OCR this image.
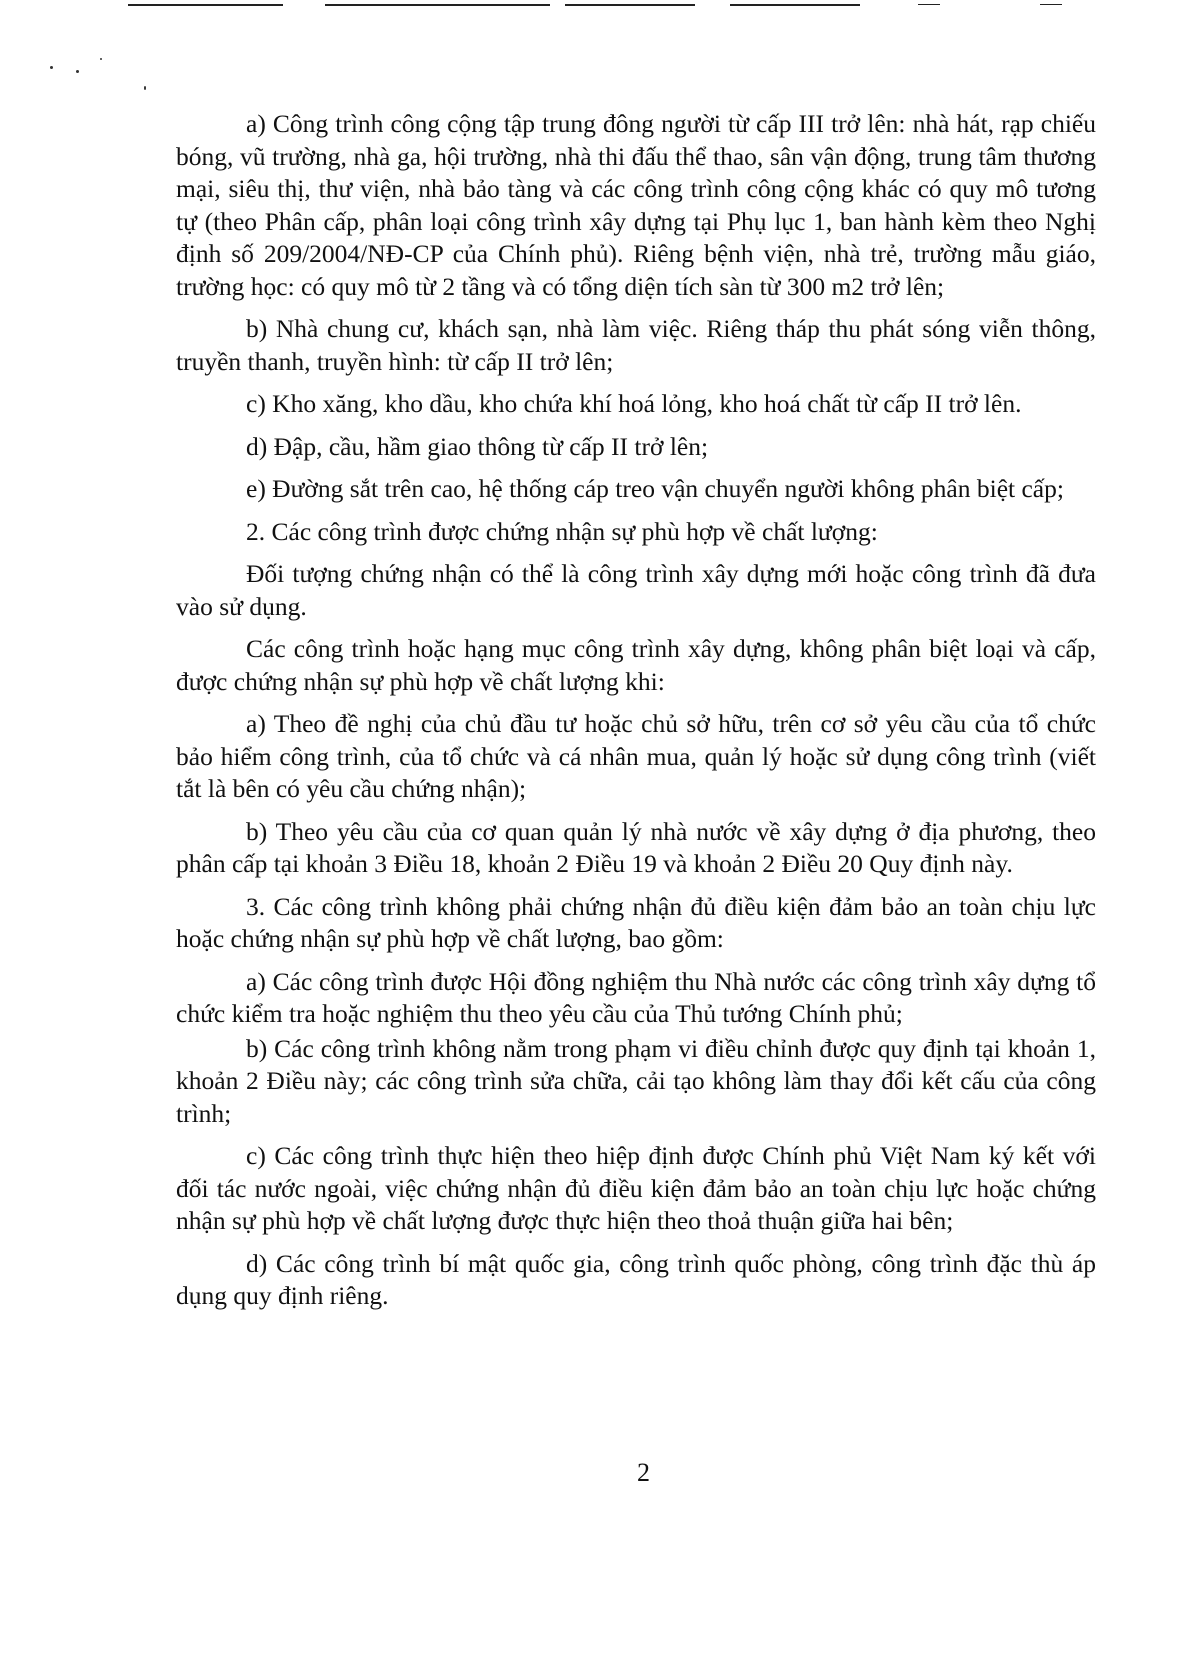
a) Công trình công cộng tập trung đông người từ cấp III trở lên: nhà hát, rạp chiếu bóng, vũ trường, nhà ga, hội trường, nhà thi đấu thể thao, sân vận động, trung tâm thương mại, siêu thị, thư viện, nhà bảo tàng và các công trình công cộng khác có quy mô tương tự (theo Phân cấp, phân loại công trình xây dựng tại Phụ lục 1, ban hành kèm theo Nghị định số 209/2004/NĐ-CP của Chính phủ). Riêng bệnh viện, nhà trẻ, trường mẫu giáo, trường học: có quy mô từ 2 tầng và có tổng diện tích sàn từ 300 m2 trở lên;

b) Nhà chung cư, khách sạn, nhà làm việc. Riêng tháp thu phát sóng viễn thông, truyền thanh, truyền hình: từ cấp II trở lên;

c) Kho xăng, kho dầu, kho chứa khí hoá lỏng, kho hoá chất từ cấp II trở lên.

d) Đập, cầu, hầm giao thông từ cấp II trở lên;

e) Đường sắt trên cao, hệ thống cáp treo vận chuyển người không phân biệt cấp;

2. Các công trình được chứng nhận sự phù hợp về chất lượng:

Đối tượng chứng nhận có thể là công trình xây dựng mới hoặc công trình đã đưa vào sử dụng.

Các công trình hoặc hạng mục công trình xây dựng, không phân biệt loại và cấp, được chứng nhận sự phù hợp về chất lượng khi:

a) Theo đề nghị của chủ đầu tư hoặc chủ sở hữu, trên cơ sở yêu cầu của tổ chức bảo hiểm công trình, của tổ chức và cá nhân mua, quản lý hoặc sử dụng công trình (viết tắt là bên có yêu cầu chứng nhận);

b) Theo yêu cầu của cơ quan quản lý nhà nước về xây dựng ở địa phương, theo phân cấp tại khoản 3 Điều 18, khoản 2 Điều 19 và khoản 2 Điều 20 Quy định này.

3. Các công trình không phải chứng nhận đủ điều kiện đảm bảo an toàn chịu lực hoặc chứng nhận sự phù hợp về chất lượng, bao gồm:

a) Các công trình được Hội đồng nghiệm thu Nhà nước các công trình xây dựng tổ chức kiểm tra hoặc nghiệm thu theo yêu cầu của Thủ tướng Chính phủ;

b) Các công trình không nằm trong phạm vi điều chỉnh được quy định tại khoản 1, khoản 2 Điều này; các công trình sửa chữa, cải tạo không làm thay đổi kết cấu của công trình;

c) Các công trình thực hiện theo hiệp định được Chính phủ Việt Nam ký kết với đối tác nước ngoài, việc chứng nhận đủ điều kiện đảm bảo an toàn chịu lực hoặc chứng nhận sự phù hợp về chất lượng được thực hiện theo thoả thuận giữa hai bên;

d) Các công trình bí mật quốc gia, công trình quốc phòng, công trình đặc thù áp dụng quy định riêng.

2
